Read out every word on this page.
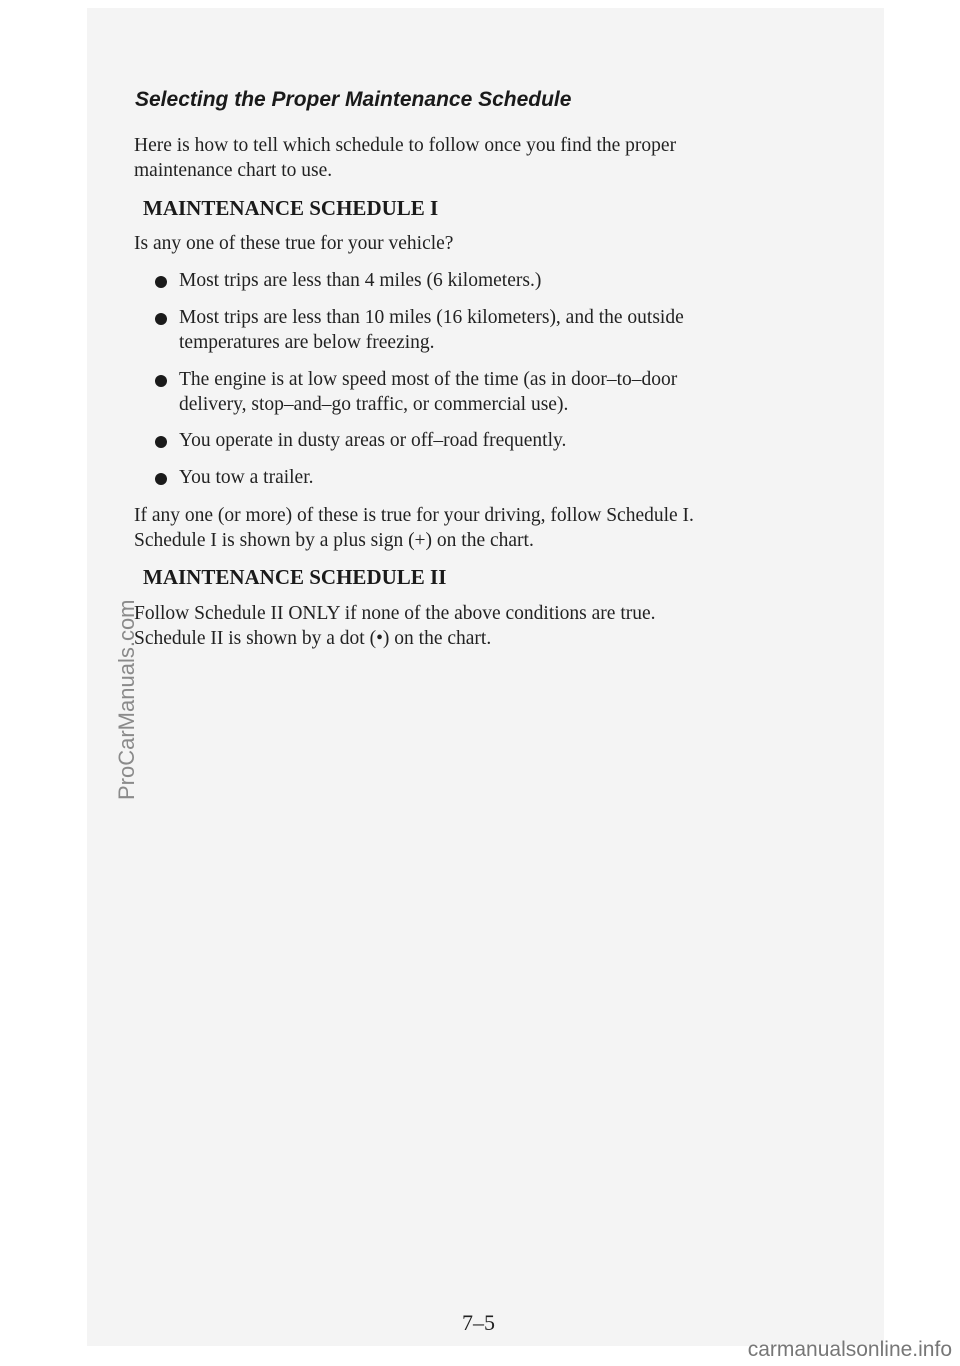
Selecting the Proper Maintenance Schedule
Here is how to tell which schedule to follow once you find the proper
maintenance chart to use.
MAINTENANCE SCHEDULE I
Is any one of these true for your vehicle?
Most trips are less than 4 miles (6 kilometers.)
Most trips are less than 10 miles (16 kilometers), and the outside
temperatures are below freezing.
The engine is at low speed most of the time (as in door–to–door
delivery, stop–and–go traffic, or commercial use).
You operate in dusty areas or off–road frequently.
You tow a trailer.
If any one (or more) of these is true for your driving, follow Schedule I.
Schedule I is shown by a plus sign (+) on the chart.
MAINTENANCE SCHEDULE II
Follow Schedule II ONLY if none of the above conditions are true.
Schedule II is shown by a dot (•) on the chart.
ProCarManuals.com
7–5
carmanualsonline.info
